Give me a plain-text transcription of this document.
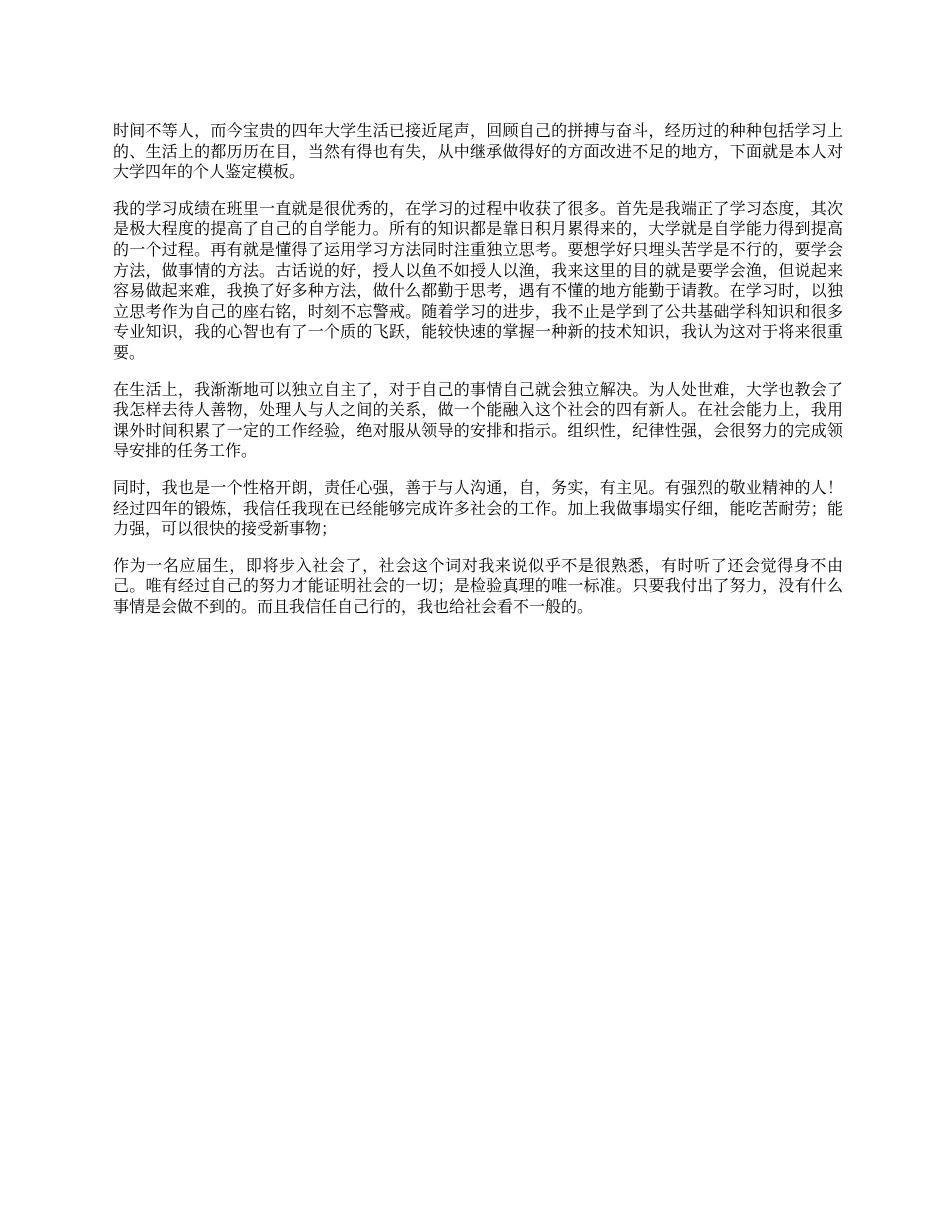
时间不等人，而今宝贵的四年大学生活已接近尾声，回顾自己的拼搏与奋斗，经历过的种种包括学习上的、生活上的都历历在目，当然有得也有失，从中继承做得好的方面改进不足的地方，下面就是本人对大学四年的个人鉴定模板。

我的学习成绩在班里一直就是很优秀的，在学习的过程中收获了很多。首先是我端正了学习态度，其次是极大程度的提高了自己的自学能力。所有的知识都是靠日积月累得来的，大学就是自学能力得到提高的一个过程。再有就是懂得了运用学习方法同时注重独立思考。要想学好只埋头苦学是不行的，要学会方法，做事情的方法。古话说的好，授人以鱼不如授人以渔，我来这里的目的就是要学会渔，但说起来容易做起来难，我换了好多种方法，做什么都勤于思考，遇有不懂的地方能勤于请教。在学习时，以独立思考作为自己的座右铭，时刻不忘警戒。随着学习的进步，我不止是学到了公共基础学科知识和很多专业知识，我的心智也有了一个质的飞跃，能较快速的掌握一种新的技术知识，我认为这对于将来很重要。

在生活上，我渐渐地可以独立自主了，对于自己的事情自己就会独立解决。为人处世难，大学也教会了我怎样去待人善物，处理人与人之间的关系，做一个能融入这个社会的四有新人。在社会能力上，我用课外时间积累了一定的工作经验，绝对服从领导的安排和指示。组织性，纪律性强，会很努力的完成领导安排的任务工作。

同时，我也是一个性格开朗，责任心强，善于与人沟通，自，务实，有主见。有强烈的敬业精神的人！经过四年的锻炼，我信任我现在已经能够完成许多社会的工作。加上我做事塌实仔细，能吃苦耐劳；能力强，可以很快的接受新事物；

作为一名应届生，即将步入社会了，社会这个词对我来说似乎不是很熟悉，有时听了还会觉得身不由己。唯有经过自己的努力才能证明社会的一切；是检验真理的唯一标准。只要我付出了努力，没有什么事情是会做不到的。而且我信任自己行的，我也给社会看不一般的。
